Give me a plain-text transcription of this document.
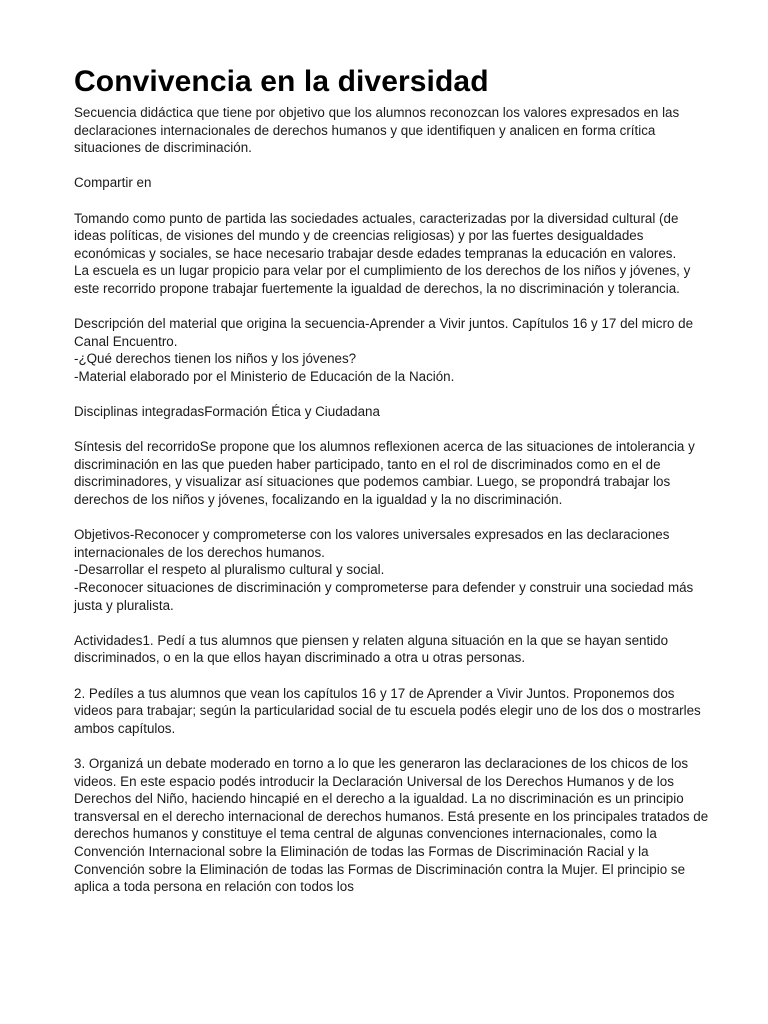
Convivencia en la diversidad

Secuencia didáctica que tiene por objetivo que los alumnos reconozcan los valores expresados en las declaraciones internacionales de derechos humanos y que identifiquen y analicen en forma crítica situaciones de discriminación.

Compartir en

Tomando como punto de partida las sociedades actuales, caracterizadas por la diversidad cultural (de ideas políticas, de visiones del mundo y de creencias religiosas) y por las fuertes desigualdades económicas y sociales, se hace necesario trabajar desde edades tempranas la educación en valores.

La escuela es un lugar propicio para velar por el cumplimiento de los derechos de los niños y jóvenes, y este recorrido propone trabajar fuertemente la igualdad de derechos, la no discriminación y tolerancia.

Descripción del material que origina la secuencia-Aprender a Vivir juntos. Capítulos 16 y 17 del micro de Canal Encuentro.

-¿Qué derechos tienen los niños y los jóvenes?

-Material elaborado por el Ministerio de Educación de la Nación.

Disciplinas integradasFormación Ética y Ciudadana

Síntesis del recorridoSe propone que los alumnos reflexionen acerca de las situaciones de intolerancia y discriminación en las que pueden haber participado, tanto en el rol de discriminados como en el de discriminadores, y visualizar así situaciones que podemos cambiar. Luego, se propondrá trabajar los derechos de los niños y jóvenes, focalizando en la igualdad y la no discriminación.

Objetivos-Reconocer y comprometerse con los valores universales expresados en las declaraciones internacionales de los derechos humanos.

-Desarrollar el respeto al pluralismo cultural y social.

-Reconocer situaciones de discriminación y comprometerse para defender y construir una sociedad más justa y pluralista.

Actividades1. Pedí a tus alumnos que piensen y relaten alguna situación en la que se hayan sentido discriminados, o en la que ellos hayan discriminado a otra u otras personas.

2. Pedíles a tus alumnos que vean los capítulos 16 y 17 de Aprender a Vivir Juntos. Proponemos dos videos para trabajar; según la particularidad social de tu escuela podés elegir uno de los dos o mostrarles ambos capítulos.

3. Organizá un debate moderado en torno a lo que les generaron las declaraciones de los chicos de los videos. En este espacio podés introducir la Declaración Universal de los Derechos Humanos y de los Derechos del Niño, haciendo hincapié en el derecho a la igualdad. La no discriminación es un principio transversal en el derecho internacional de derechos humanos. Está presente en los principales tratados de derechos humanos y constituye el tema central de algunas convenciones internacionales, como la Convención Internacional sobre la Eliminación de todas las Formas de Discriminación Racial y la Convención sobre la Eliminación de todas las Formas de Discriminación contra la Mujer. El principio se aplica a toda persona en relación con todos los
